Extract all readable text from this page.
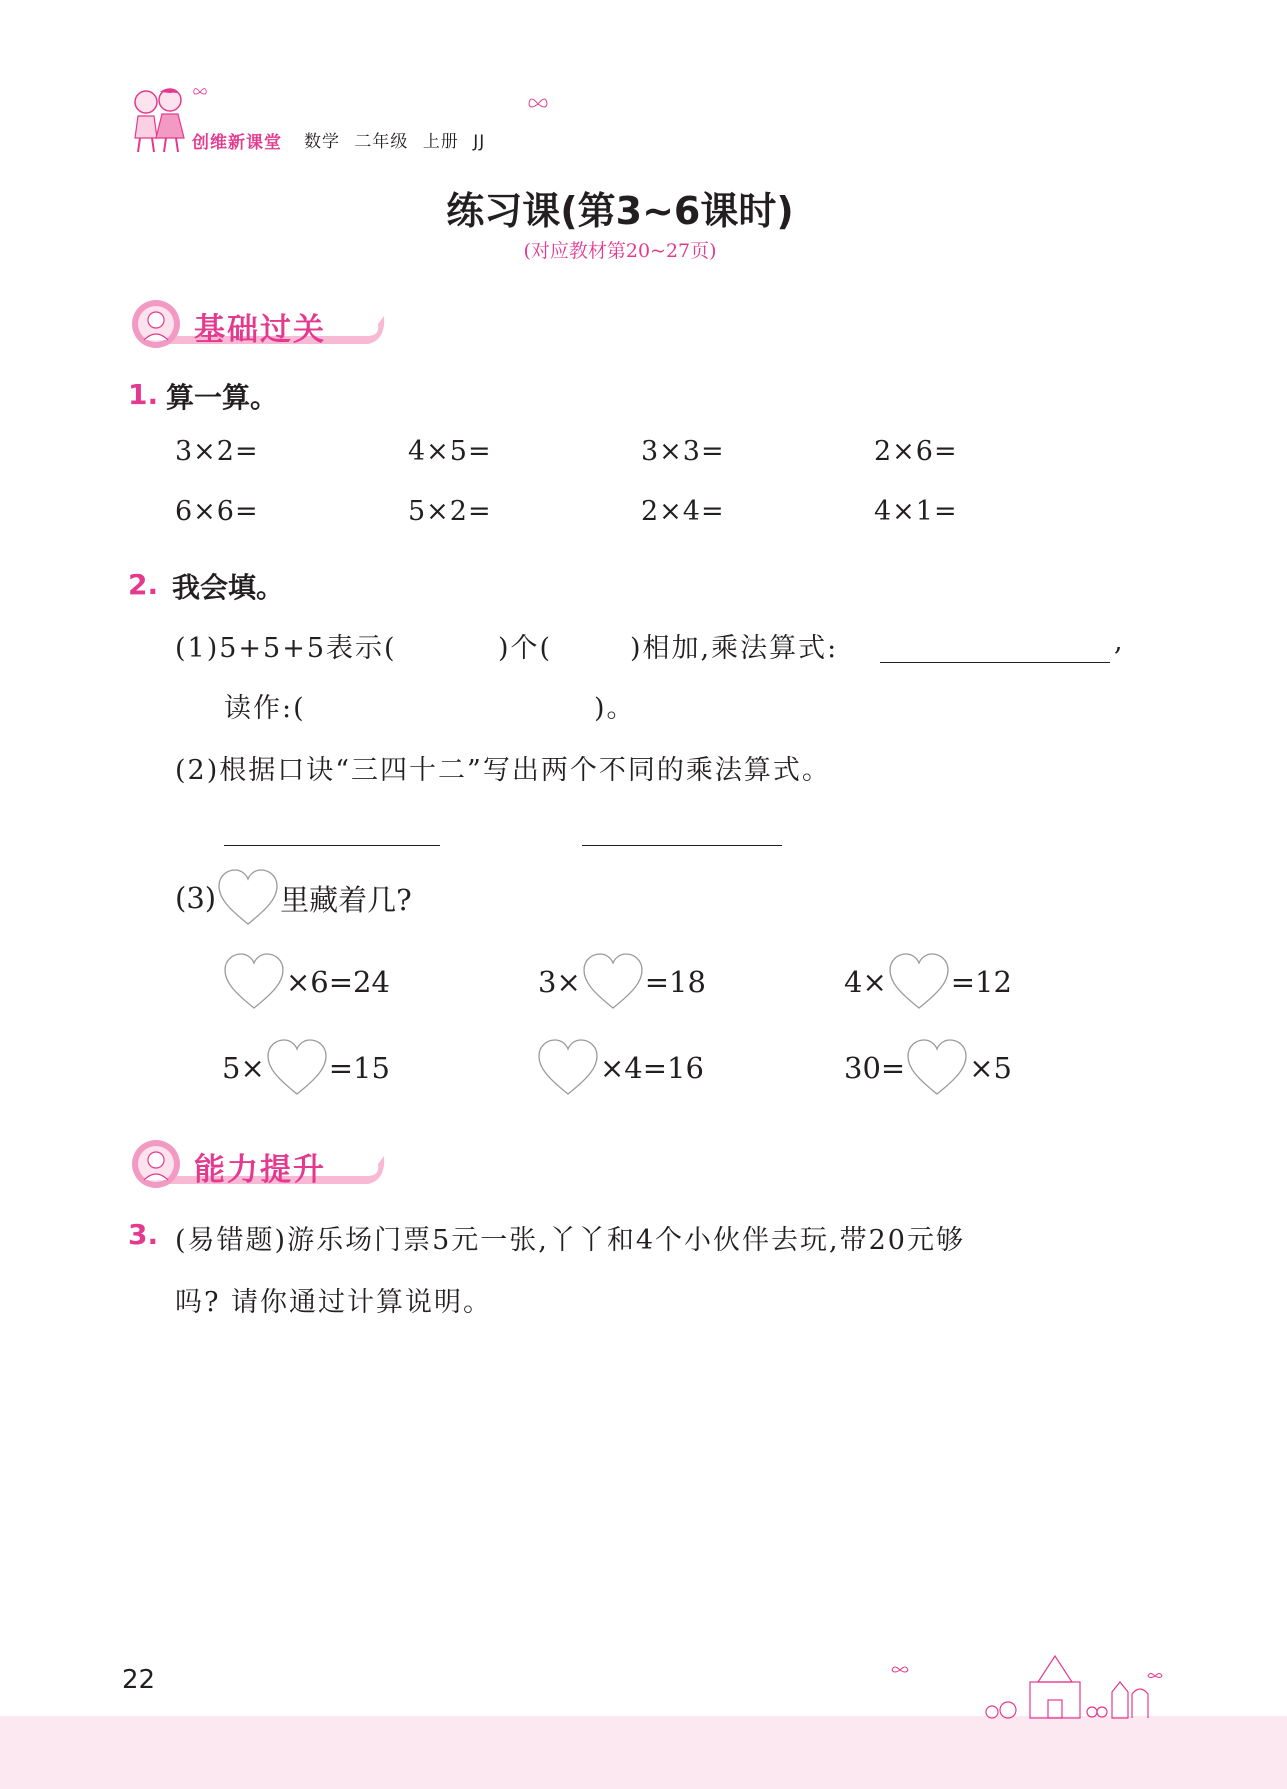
创维新课堂 数学 二年级 上册 JJ
练习课(第3~6课时)
(对应教材第20~27页)
基础过关
1. 算一算。
3×2=	4×5=	3×3=	2×6=
6×6=	5×2=	2×4=	4×1=
2. 我会填。
(1)5+5+5表示(	)个(	)相加,乘法算式:	,
读作:(	)。
(2)根据口诀“三四十二”写出两个不同的乘法算式。
(3) 里藏着几?
×6=24	3× =18	4× =12
5× =15	×4=16	30= ×5
能力提升
3. (易错题)游乐场门票5元一张,丫丫和4个小伙伴去玩,带20元够
吗? 请你通过计算说明。
22
